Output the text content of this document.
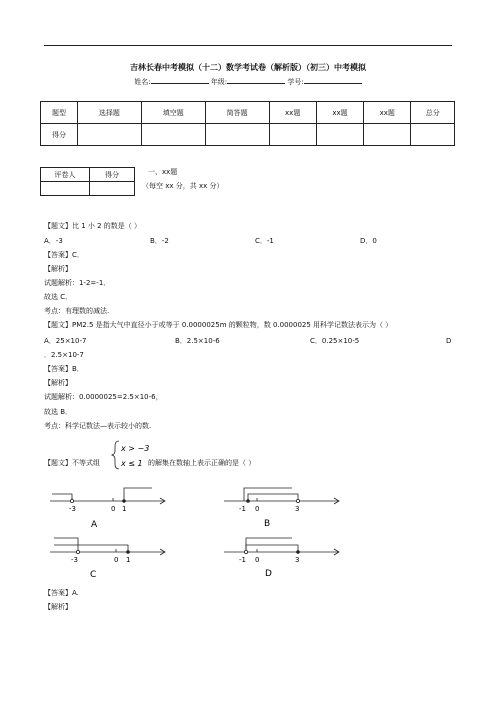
吉林长春中考模拟（十二）数学考试卷（解析版）（初三）中考模拟
姓名:	年级:	学号:
题型	选择题	填空题	简答题	xx题	xx题	xx题	总分
得分							
评卷人	得分
		一、xx题
（每空 xx 分，共 xx 分）
【题文】比 1 小 2 的数是（ ）
A．-3	B．-2	C．-1	D．0
【答案】C．
【解析】
试题解析：1-2=-1．
故选 C．
考点：有理数的减法.
【题文】PM2.5 是指大气中直径小于或等于 0.0000025m 的颗粒物，数 0.0000025 用科学记数法表示为（ ）
A．25×10-7	B．2.5×10-6	C．0.25×10-5	D
．2.5×10-7
【答案】B．
【解析】
试题解析：0.0000025=2.5×10-6，
故选 B．
考点：科学记数法—表示较小的数.
【题文】不等式组
x > −3
x ≤ 1 的解集在数轴上表示正确的是（ ）
-3	0 1
A
-1 0	3
B
-3	0 1
C
-1 0	3
D
【答案】A.
【解析】
